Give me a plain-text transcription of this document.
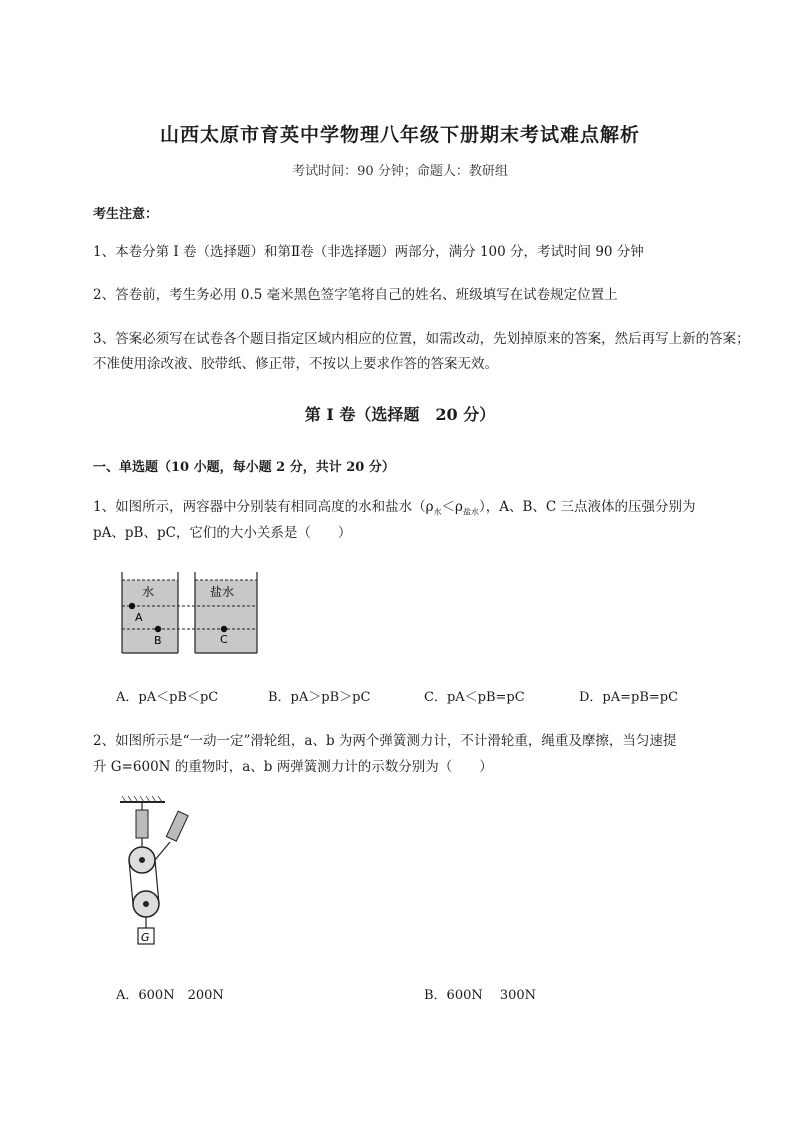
山西太原市育英中学物理八年级下册期末考试难点解析
考试时间：90 分钟；命题人：教研组
考生注意：
1、本卷分第 I 卷（选择题）和第Ⅱ卷（非选择题）两部分，满分 100 分，考试时间 90 分钟
2、答卷前，考生务必用 0.5 毫米黑色签字笔将自己的姓名、班级填写在试卷规定位置上
3、答案必须写在试卷各个题目指定区域内相应的位置，如需改动，先划掉原来的答案，然后再写上新的答案；不准使用涂改液、胶带纸、修正带，不按以上要求作答的答案无效。
第 I 卷（选择题　20 分）
一、单选题（10 小题，每小题 2 分，共计 20 分）
1、如图所示，两容器中分别装有相同高度的水和盐水$(\rho_水<\rho_{盐水})$，A、B、C 三点液体的压强分别为
pA、pB、pC，它们的大小关系是（　　）
水	盐水
A
B	C
A．pA＜pB＜pC	B．pA＞pB＞pC	C．pA＜pB=pC	D．pA=pB=pC
2、如图所示是“一动一定”滑轮组，a、b 为两个弹簧测力计，不计滑轮重，绳重及摩擦，当匀速提
升 G=600N 的重物时，a、b 两弹簧测力计的示数分别为（　　）
G
A．600N　200N	B．600N　 300N
